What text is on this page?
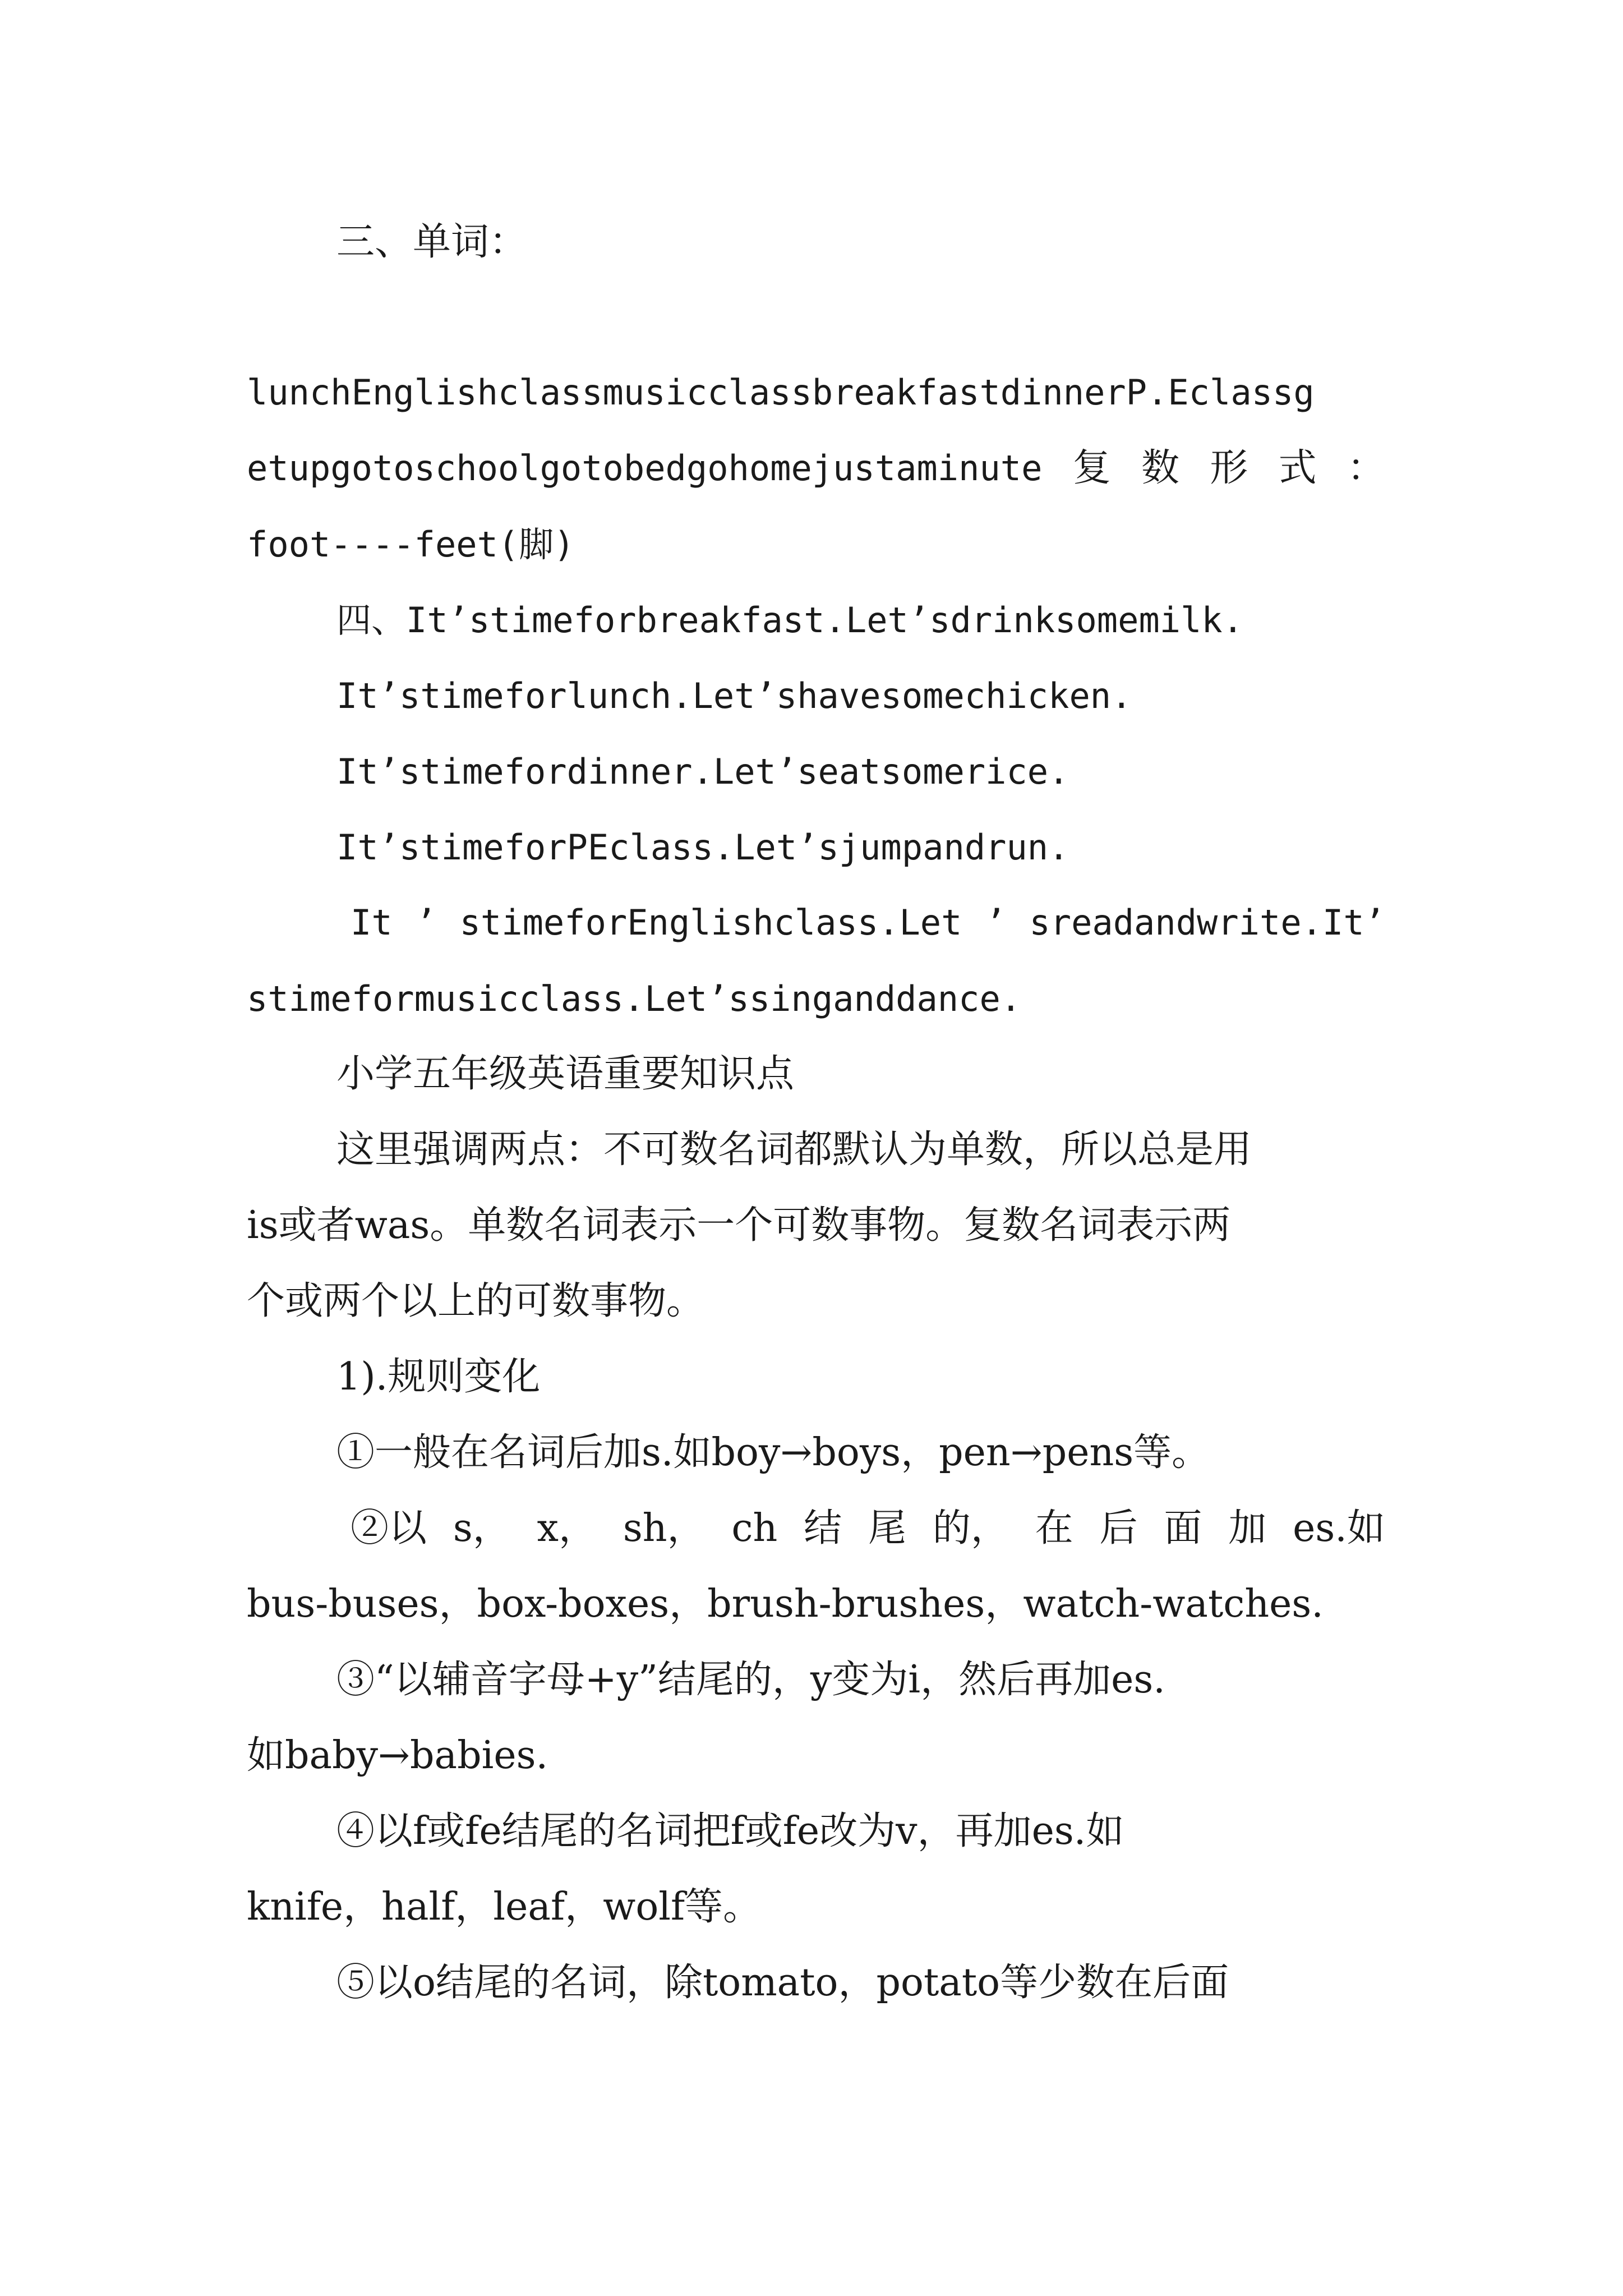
三、单词：
lunchEnglishclassmusicclassbreakfastdinnerP.Eclassg
etupgotoschoolgotobedgohomejustaminute 复 数 形 式 ：
foot----feet(脚)
四、It’stimeforbreakfast.Let’sdrinksomemilk.
It’stimeforlunch.Let’shavesomechicken.
It’stimefordinner.Let’seatsomerice.
It’stimeforPEclass.Let’sjumpandrun.
It ’ stimeforEnglishclass.Let ’ sreadandwrite.It’
stimeformusicclass.Let’ssinganddance.
小学五年级英语重要知识点
这里强调两点：不可数名词都默认为单数，所以总是用
is或者was。单数名词表示一个可数事物。复数名词表示两
个或两个以上的可数事物。
1).规则变化
①一般在名词后加s.如boy→boys，pen→pens等。
②以 s， x， sh， ch 结 尾 的， 在 后 面 加 es.如
bus-buses，box-boxes，brush-brushes，watch-watches.
③“以辅音字母+y”结尾的，y变为i，然后再加es.
如baby→babies.
④以f或fe结尾的名词把f或fe改为v，再加es.如
knife，half，leaf，wolf等。
⑤以o结尾的名词，除tomato，potato等少数在后面
